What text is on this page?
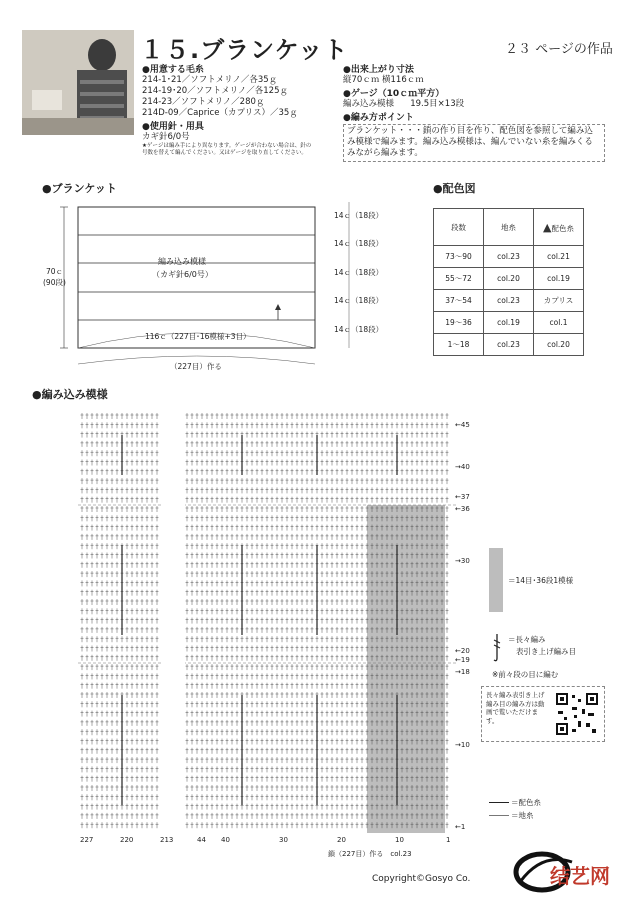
１５.ブランケット	２３ ページの作品
●用意する毛糸
214-1･21／ソフトメリノ／各35ｇ
214-19･20／ソフトメリノ／各125ｇ
214-23／ソフトメリノ／280ｇ
214D-09／Caprice（カプリス）／35ｇ
●使用針・用具
カギ針6/0号
★ゲージは編み手により異なります。ゲージが合わない場合は、針の
号数を替えて編んでください。又はゲージを取り直してください。
●出来上がり寸法
縦70ｃｍ 横116ｃｍ
●ゲージ（10ｃｍ平方）
編み込み模様 19.5目×13段
●編み方ポイント
ブランケット・・・鎖の作り目を作り、配色図を参照して編み込み模様で編みます。編み込み模様は、編んでいない糸を編みくるみながら編みます。
●ブランケット
編み込み模様
（カギ針6/0号）
116ｃ（227目･16模様+3目）
70ｃ
(90段)
（227目）作る
14ｃ（18段）
14ｃ（18段）
14ｃ（18段）
14ｃ（18段）
14ｃ（18段）
●配色図
段数	地糸	▲配色糸
73〜90	col.23	col.21
55〜72	col.20	col.19
37〜54	col.23	カプリス
19〜36	col.19	col.1
1〜18	col.23	col.20
●編み込み模様
←45
→40
←37
←36
→30
←20
←19
→18
→10
←1
227	220	213	44 40	30	20	10	1
鎖（227目）作る　col.23
＝14目･36段1模様
＝長々編み
表引き上げ編み目
※前々段の目に編む
長々編み表引き上げ編み目の編み方は動画で覧いただけます。
＝配色糸
＝地糸
Copyright©Gosyo Co.	结艺网
